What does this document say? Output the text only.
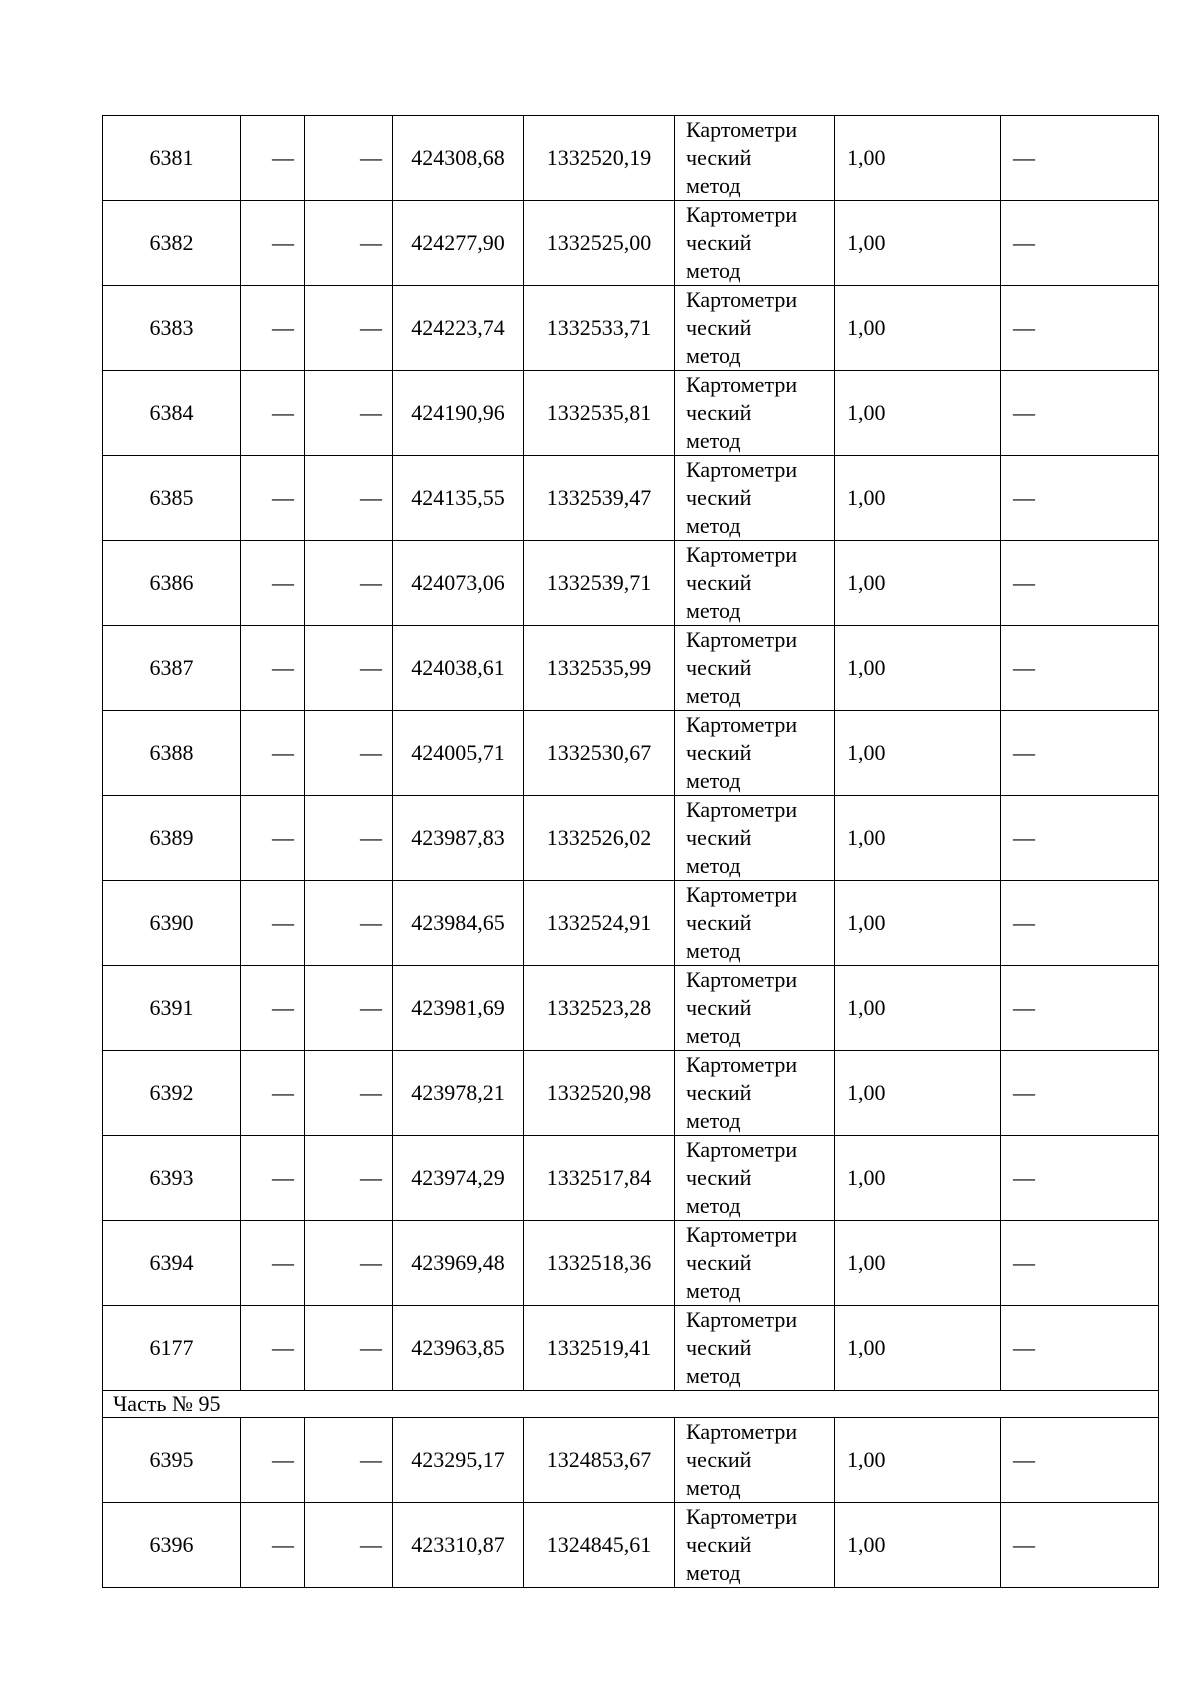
6381	—	—	424308,68	1332520,19	Картометри
ческий
метод	1,00	—
6382	—	—	424277,90	1332525,00	Картометри
ческий
метод	1,00	—
6383	—	—	424223,74	1332533,71	Картометри
ческий
метод	1,00	—
6384	—	—	424190,96	1332535,81	Картометри
ческий
метод	1,00	—
6385	—	—	424135,55	1332539,47	Картометри
ческий
метод	1,00	—
6386	—	—	424073,06	1332539,71	Картометри
ческий
метод	1,00	—
6387	—	—	424038,61	1332535,99	Картометри
ческий
метод	1,00	—
6388	—	—	424005,71	1332530,67	Картометри
ческий
метод	1,00	—
6389	—	—	423987,83	1332526,02	Картометри
ческий
метод	1,00	—
6390	—	—	423984,65	1332524,91	Картометри
ческий
метод	1,00	—
6391	—	—	423981,69	1332523,28	Картометри
ческий
метод	1,00	—
6392	—	—	423978,21	1332520,98	Картометри
ческий
метод	1,00	—
6393	—	—	423974,29	1332517,84	Картометри
ческий
метод	1,00	—
6394	—	—	423969,48	1332518,36	Картометри
ческий
метод	1,00	—
6177	—	—	423963,85	1332519,41	Картометри
ческий
метод	1,00	—
Часть № 95							
6395	—	—	423295,17	1324853,67	Картометри
ческий
метод	1,00	—
6396	—	—	423310,87	1324845,61	Картометри
ческий
метод	1,00	—
